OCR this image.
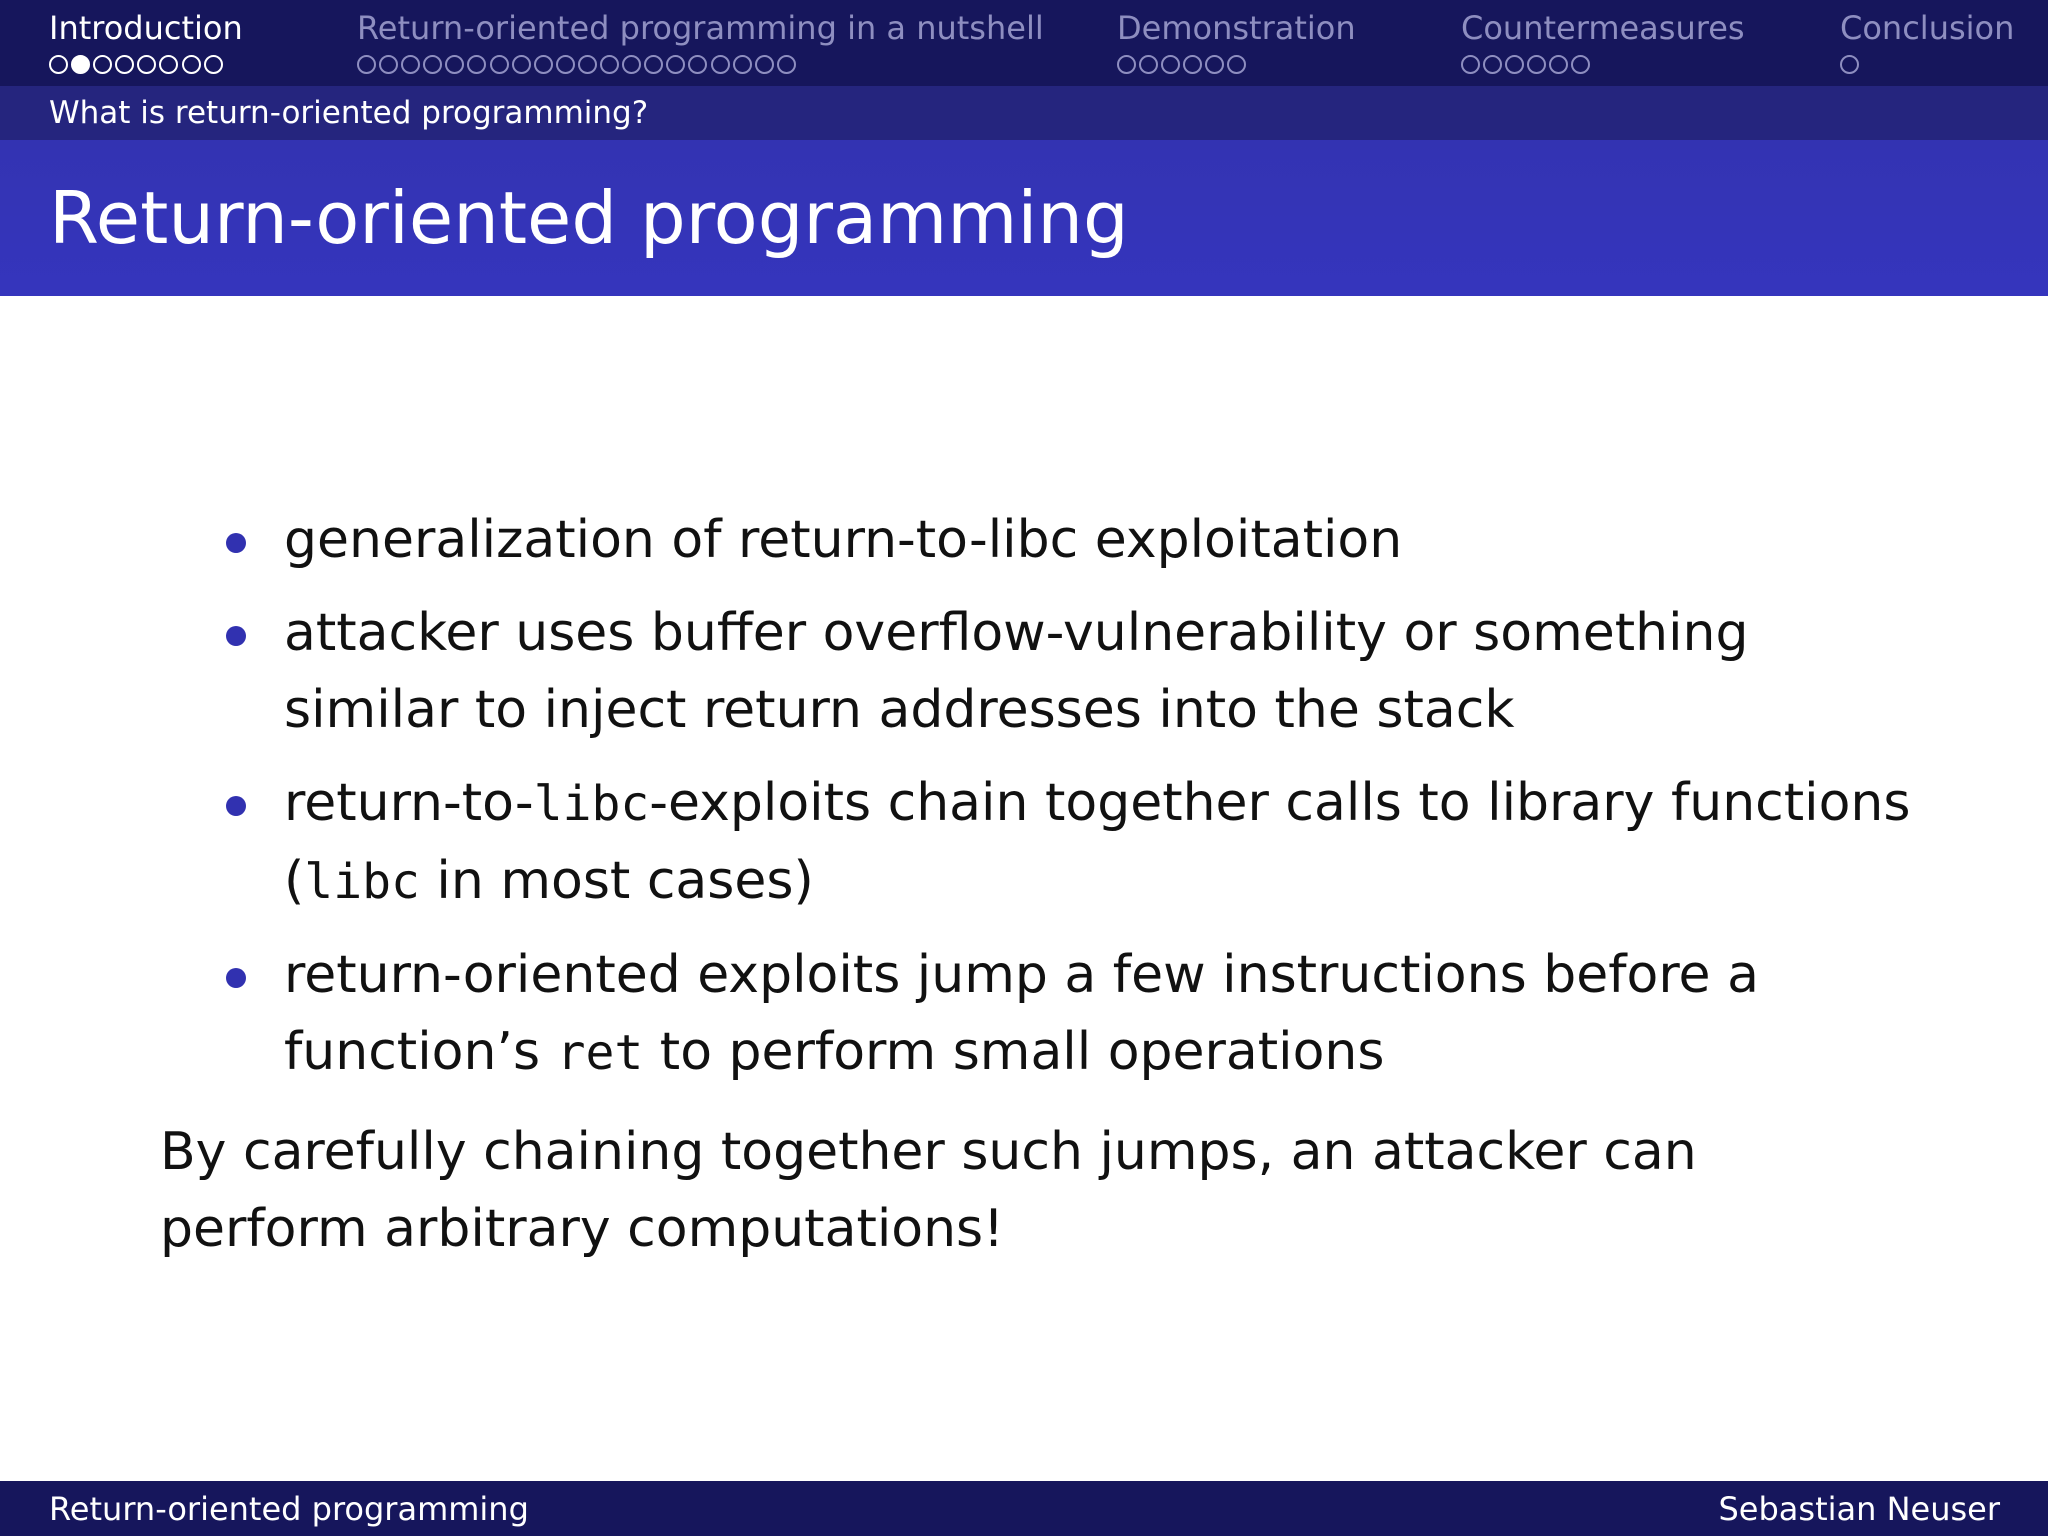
Introduction	Return-oriented programming in a nutshell Demonstration	Countermeasures	Conclusion
What is return-oriented programming?
Return-oriented programming
generalization of return-to-libc exploitation
attacker uses buffer overflow-vulnerability or something similar to inject return addresses into the stack
return-to-libc-exploits chain together calls to library functions (libc in most cases)
return-oriented exploits jump a few instructions before a function’s ret to perform small operations

By carefully chaining together such jumps, an attacker can perform arbitrary computations!

Return-oriented programming	Sebastian Neuser
